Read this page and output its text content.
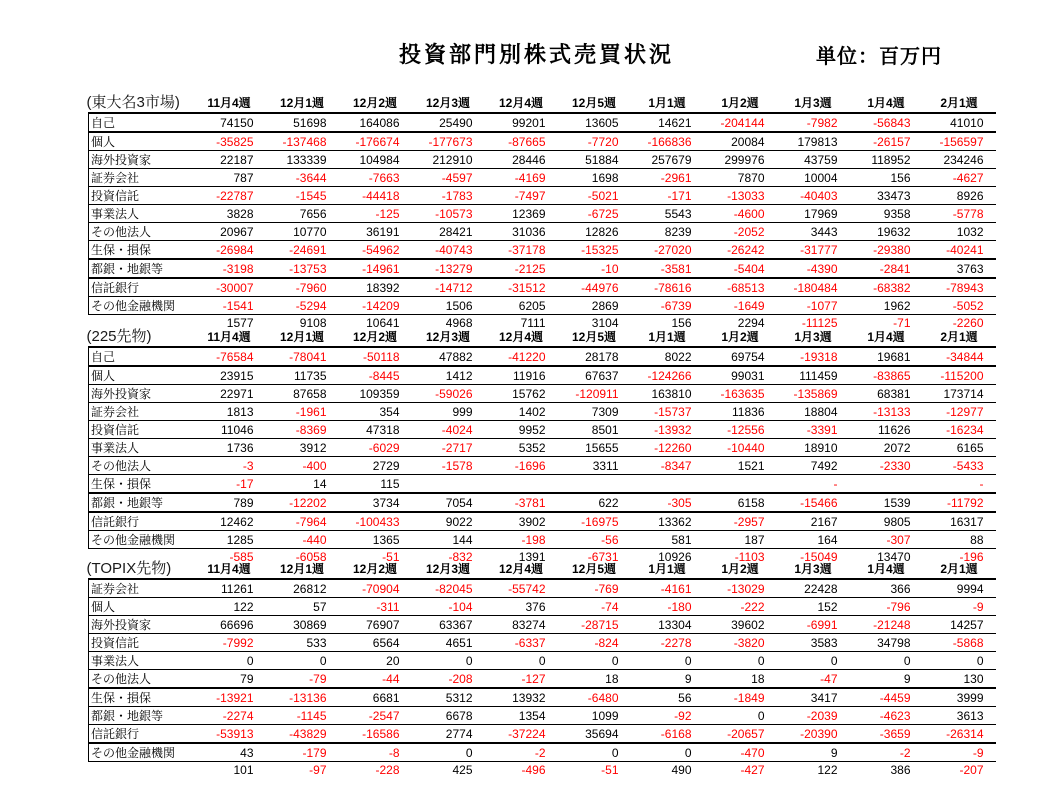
投資部門別株式売買状況	単位：百万円
(東大名3市場)	11月4週	12月1週	12月2週	12月3週	12月4週	12月5週	1月1週	1月2週	1月3週	1月4週	2月1週
自己	74150	51698	164086	25490	99201	13605	14621	-204144	-7982	-56843	41010
個人	-35825	-137468	-176674	-177673	-87665	-7720	-166836	20084	179813	-26157	-156597
海外投資家	22187	133339	104984	212910	28446	51884	257679	299976	43759	118952	234246
証券会社	787	-3644	-7663	-4597	-4169	1698	-2961	7870	10004	156	-4627
投資信託	-22787	-1545	-44418	-1783	-7497	-5021	-171	-13033	-40403	33473	8926
事業法人	3828	7656	-125	-10573	12369	-6725	5543	-4600	17969	9358	-5778
その他法人	20967	10770	36191	28421	31036	12826	8239	-2052	3443	19632	1032
生保・損保	-26984	-24691	-54962	-40743	-37178	-15325	-27020	-26242	-31777	-29380	-40241
都銀・地銀等	-3198	-13753	-14961	-13279	-2125	-10	-3581	-5404	-4390	-2841	3763
信託銀行	-30007	-7960	18392	-14712	-31512	-44976	-78616	-68513	-180484	-68382	-78943
その他金融機関	-1541	-5294	-14209	1506	6205	2869	-6739	-1649	-1077	1962	-5052
	1577	9108	10641	4968	7111	3104	156	2294	-11125	-71	-2260
(225先物)	11月4週	12月1週	12月2週	12月3週	12月4週	12月5週	1月1週	1月2週	1月3週	1月4週	2月1週
自己	-76584	-78041	-50118	47882	-41220	28178	8022	69754	-19318	19681	-34844
個人	23915	11735	-8445	1412	11916	67637	-124266	99031	111459	-83865	-115200
海外投資家	22971	87658	109359	-59026	15762	-120911	163810	-163635	-135869	68381	173714
証券会社	1813	-1961	354	999	1402	7309	-15737	11836	18804	-13133	-12977
投資信託	11046	-8369	47318	-4024	9952	8501	-13932	-12556	-3391	11626	-16234
事業法人	1736	3912	-6029	-2717	5352	15655	-12260	-10440	18910	2072	6165
その他法人	-3	-400	2729	-1578	-1696	3311	-8347	1521	7492	-2330	-5433
生保・損保	-17	14	115						-		-
都銀・地銀等	789	-12202	3734	7054	-3781	622	-305	6158	-15466	1539	-11792
信託銀行	12462	-7964	-100433	9022	3902	-16975	13362	-2957	2167	9805	16317
その他金融機関	1285	-440	1365	144	-198	-56	581	187	164	-307	88
	-585	-6058	-51	-832	1391	-6731	10926	-1103	-15049	13470	-196
(TOPIX先物)	11月4週	12月1週	12月2週	12月3週	12月4週	12月5週	1月1週	1月2週	1月3週	1月4週	2月1週
証券会社	11261	26812	-70904	-82045	-55742	-769	-4161	-13029	22428	366	9994
個人	122	57	-311	-104	376	-74	-180	-222	152	-796	-9
海外投資家	66696	30869	76907	63367	83274	-28715	13304	39602	-6991	-21248	14257
投資信託	-7992	533	6564	4651	-6337	-824	-2278	-3820	3583	34798	-5868
事業法人	0	0	20	0	0	0	0	0	0	0	0
その他法人	79	-79	-44	-208	-127	18	9	18	-47	9	130
生保・損保	-13921	-13136	6681	5312	13932	-6480	56	-1849	3417	-4459	3999
都銀・地銀等	-2274	-1145	-2547	6678	1354	1099	-92	0	-2039	-4623	3613
信託銀行	-53913	-43829	-16586	2774	-37224	35694	-6168	-20657	-20390	-3659	-26314
その他金融機関	43	-179	-8	0	-2	0	0	-470	9	-2	-9
	101	-97	-228	425	-496	-51	490	-427	122	386	-207
